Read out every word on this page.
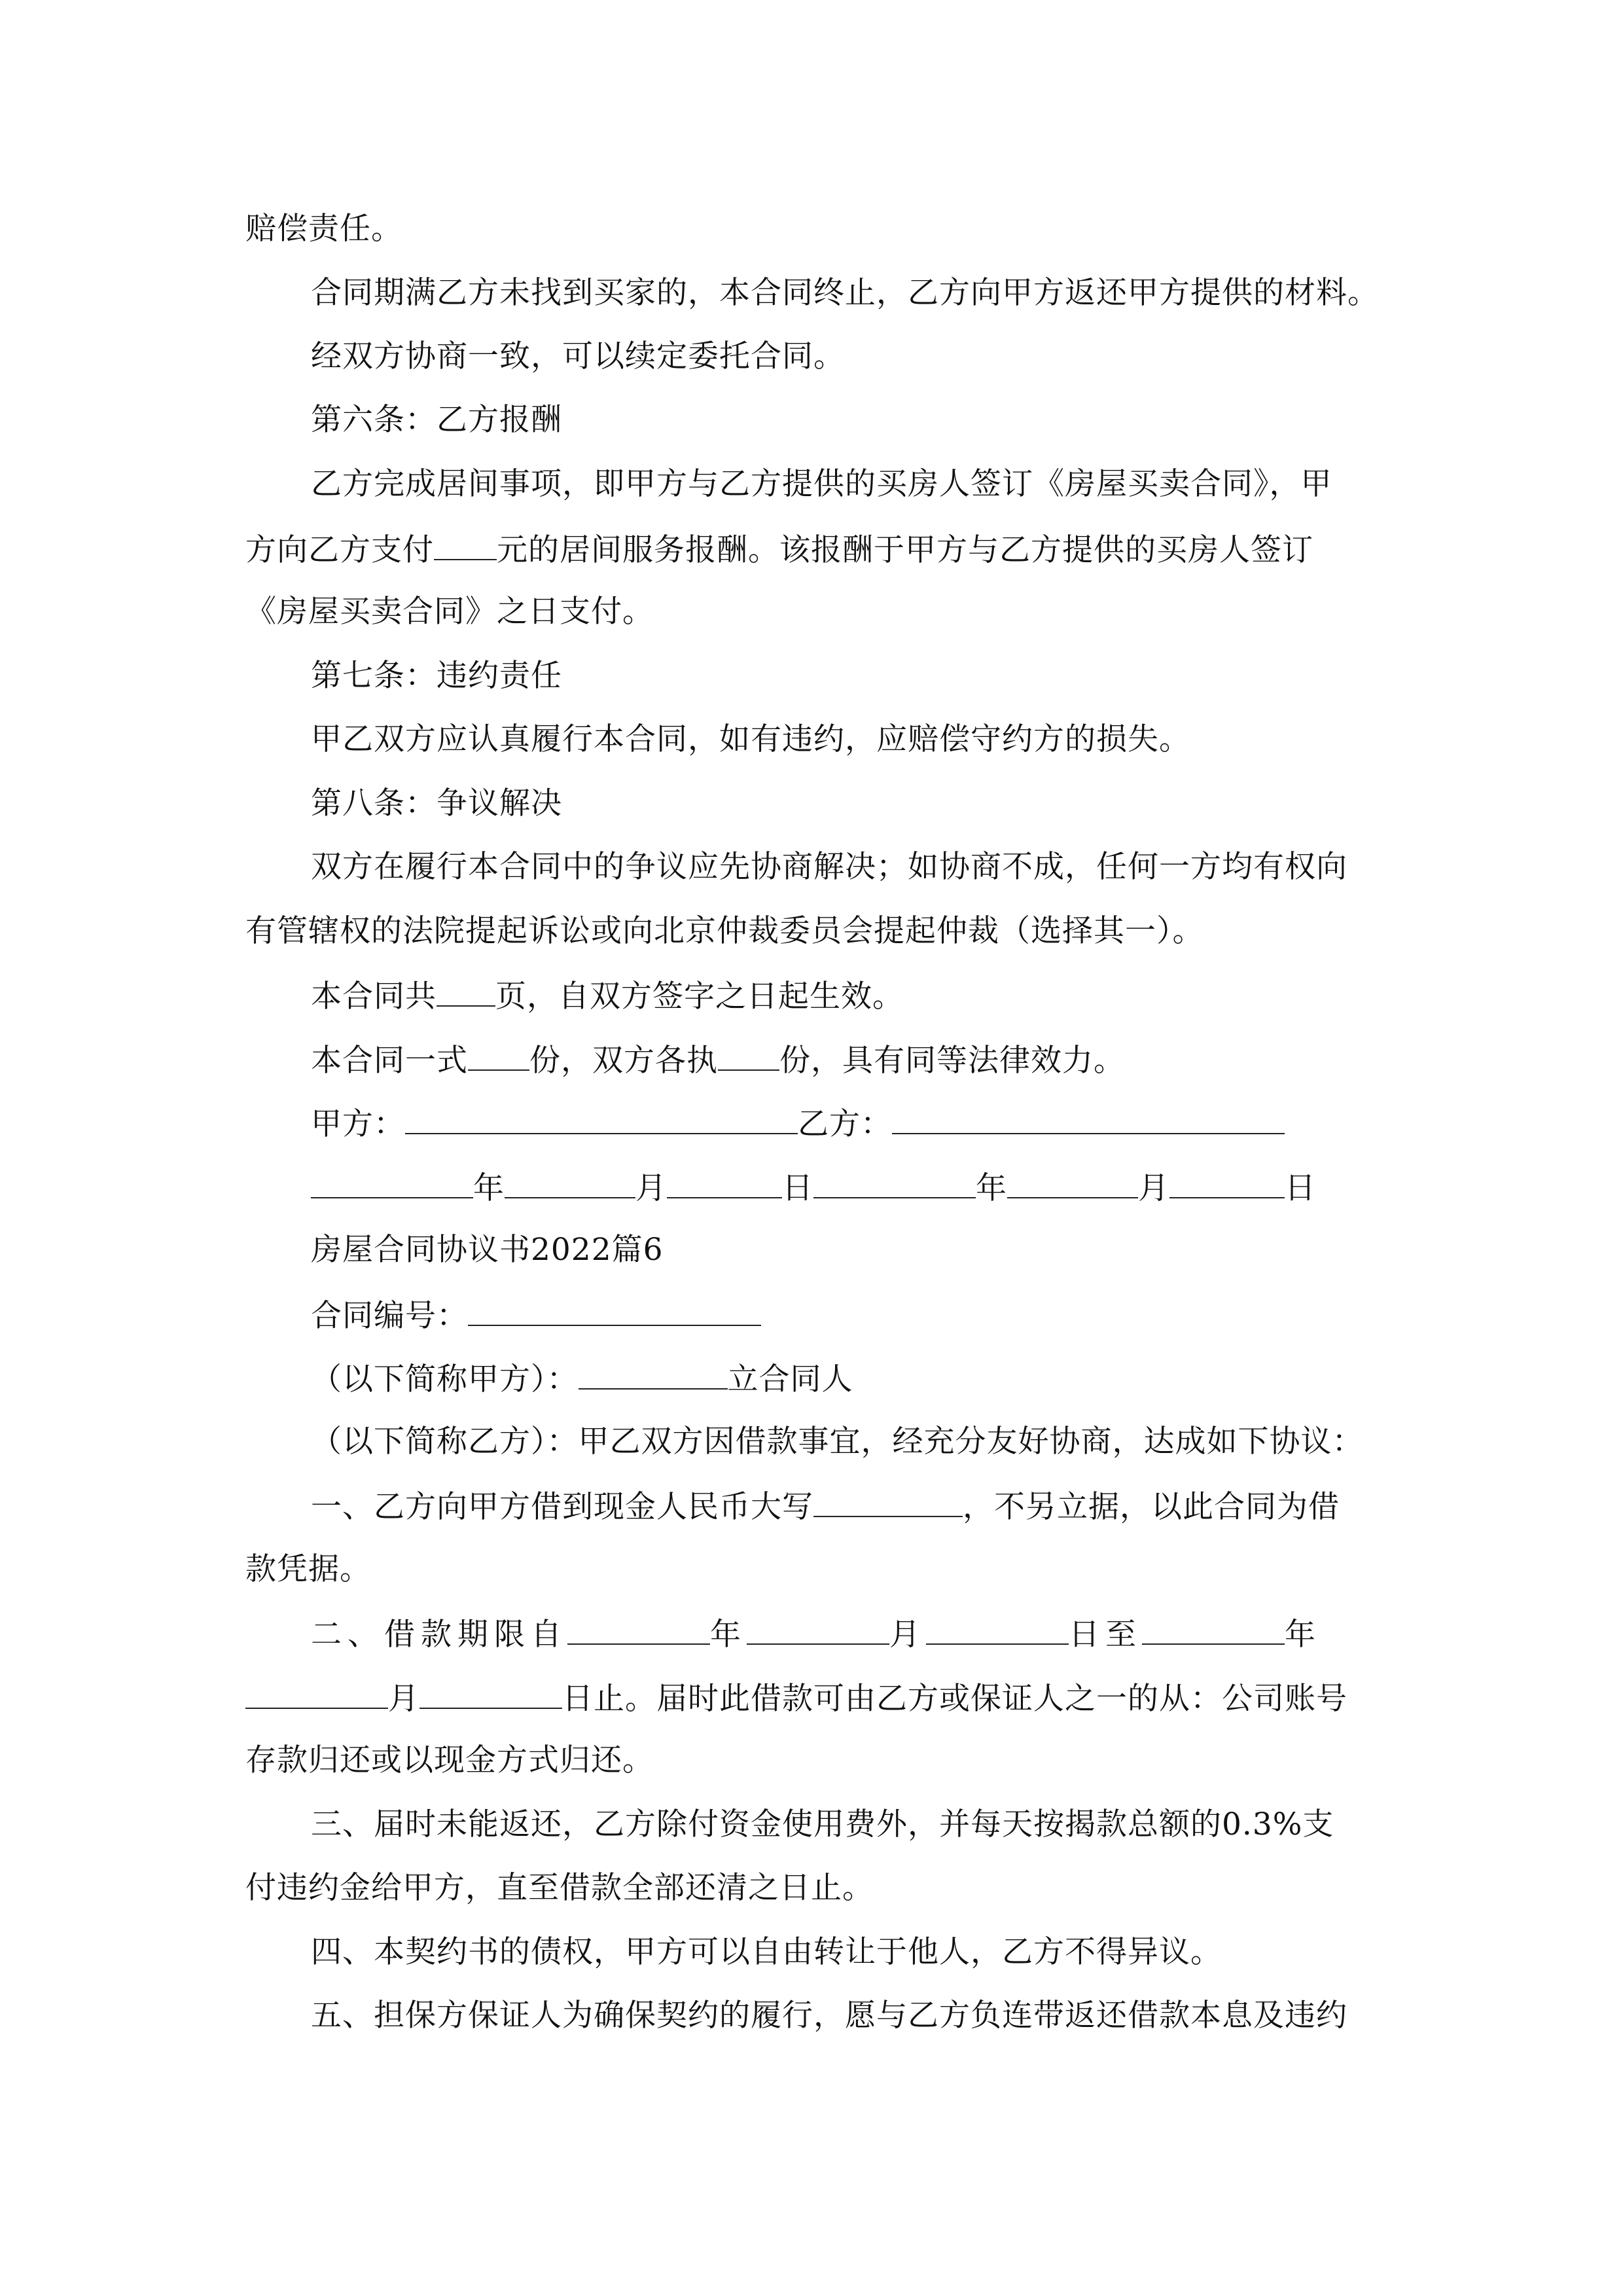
赔偿责任。
合同期满乙方未找到买家的，本合同终止，乙方向甲方返还甲方提供的材料。
经双方协商一致，可以续定委托合同。
第六条：乙方报酬
乙方完成居间事项，即甲方与乙方提供的买房人签订《房屋买卖合同》，甲
方向乙方支付 元的居间服务报酬。该报酬于甲方与乙方提供的买房人签订
《房屋买卖合同》之日支付。
第七条：违约责任
甲乙双方应认真履行本合同，如有违约，应赔偿守约方的损失。
第八条：争议解决
双方在履行本合同中的争议应先协商解决；如协商不成，任何一方均有权向
有管辖权的法院提起诉讼或向北京仲裁委员会提起仲裁（选择其一）。
本合同共 页，自双方签字之日起生效。
本合同一式 份，双方各执 份，具有同等法律效力。
甲方：	乙方：
年	月	日	年	月	日
房屋合同协议书2022篇6
合同编号：
（以下简称甲方）：	立合同人
（以下简称乙方）：甲乙双方因借款事宜，经充分友好协商，达成如下协议：
一、乙方向甲方借到现金人民币大写	，不另立据，以此合同为借
款凭据。
二、借款期限自	年	月	日至	年
月	日止。届时此借款可由乙方或保证人之一的从：公司账号
存款归还或以现金方式归还。
三、届时未能返还，乙方除付资金使用费外，并每天按揭款总额的0.3%支
付违约金给甲方，直至借款全部还清之日止。
四、本契约书的债权，甲方可以自由转让于他人，乙方不得异议。
五、担保方保证人为确保契约的履行，愿与乙方负连带返还借款本息及违约
